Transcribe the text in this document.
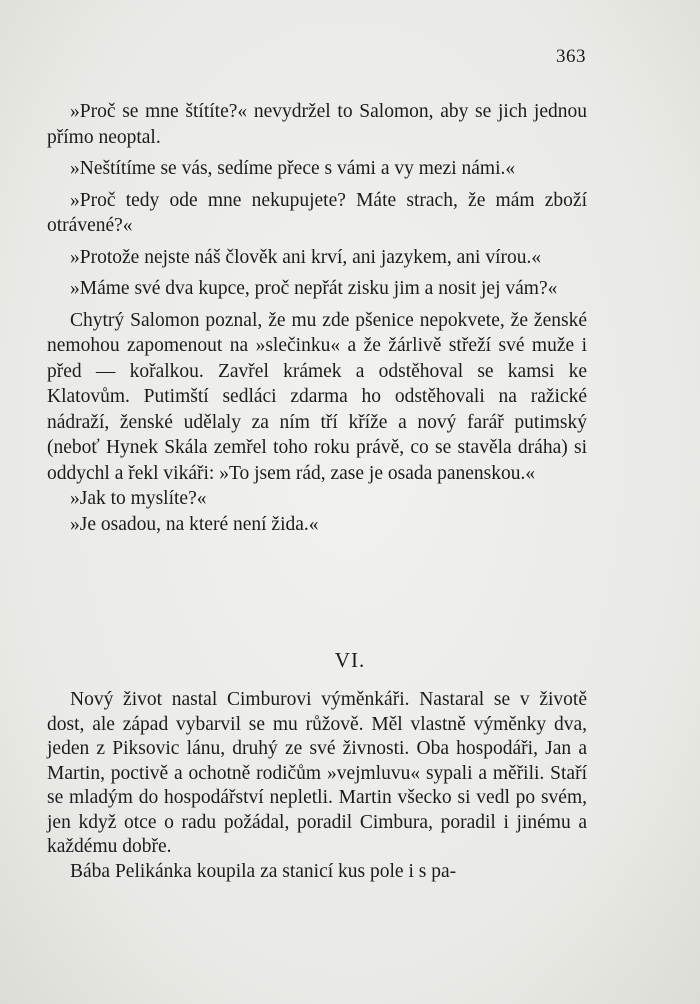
363

»Proč se mne štítíte?« nevydržel to Salomon, aby se jich jednou přímo neoptal.

»Neštítíme se vás, sedíme přece s vámi a vy mezi námi.«

»Proč tedy ode mne nekupujete? Máte strach, že mám zboží otrávené?«

»Protože nejste náš člověk ani krví, ani jazykem, ani vírou.«

»Máme své dva kupce, proč nepřát zisku jim a nosit jej vám?«

Chytrý Salomon poznal, že mu zde pšenice nepokvete, že ženské nemohou zapomenout na »slečinku« a že žárlivě střeží své muže i před — kořalkou. Zavřel krámek a odstěhoval se kamsi ke Klatovům. Putimští sedláci zdarma ho odstěhovali na ražické nádraží, ženské udělaly za ním tří kříže a nový farář putimský (neboť Hynek Skála zemřel toho roku právě, co se stavěla dráha) si oddychl a řekl vikáři: »To jsem rád, zase je osada panenskou.«

»Jak to myslíte?«

»Je osadou, na které není žida.«

VI.

Nový život nastal Cimburovi výměnkáři. Nastaral se v životě dost, ale západ vybarvil se mu růžově. Měl vlastně výměnky dva, jeden z Piksovic lánu, druhý ze své živnosti. Oba hospodáři, Jan a Martin, poctivě a ochotně rodičům »vejmluvu« sypali a měřili. Staří se mladým do hospodářství nepletli. Martin všecko si vedl po svém, jen když otce o radu požádal, poradil Cimbura, poradil i jinému a každému dobře.

Bába Pelikánka koupila za stanicí kus pole i s pa-
